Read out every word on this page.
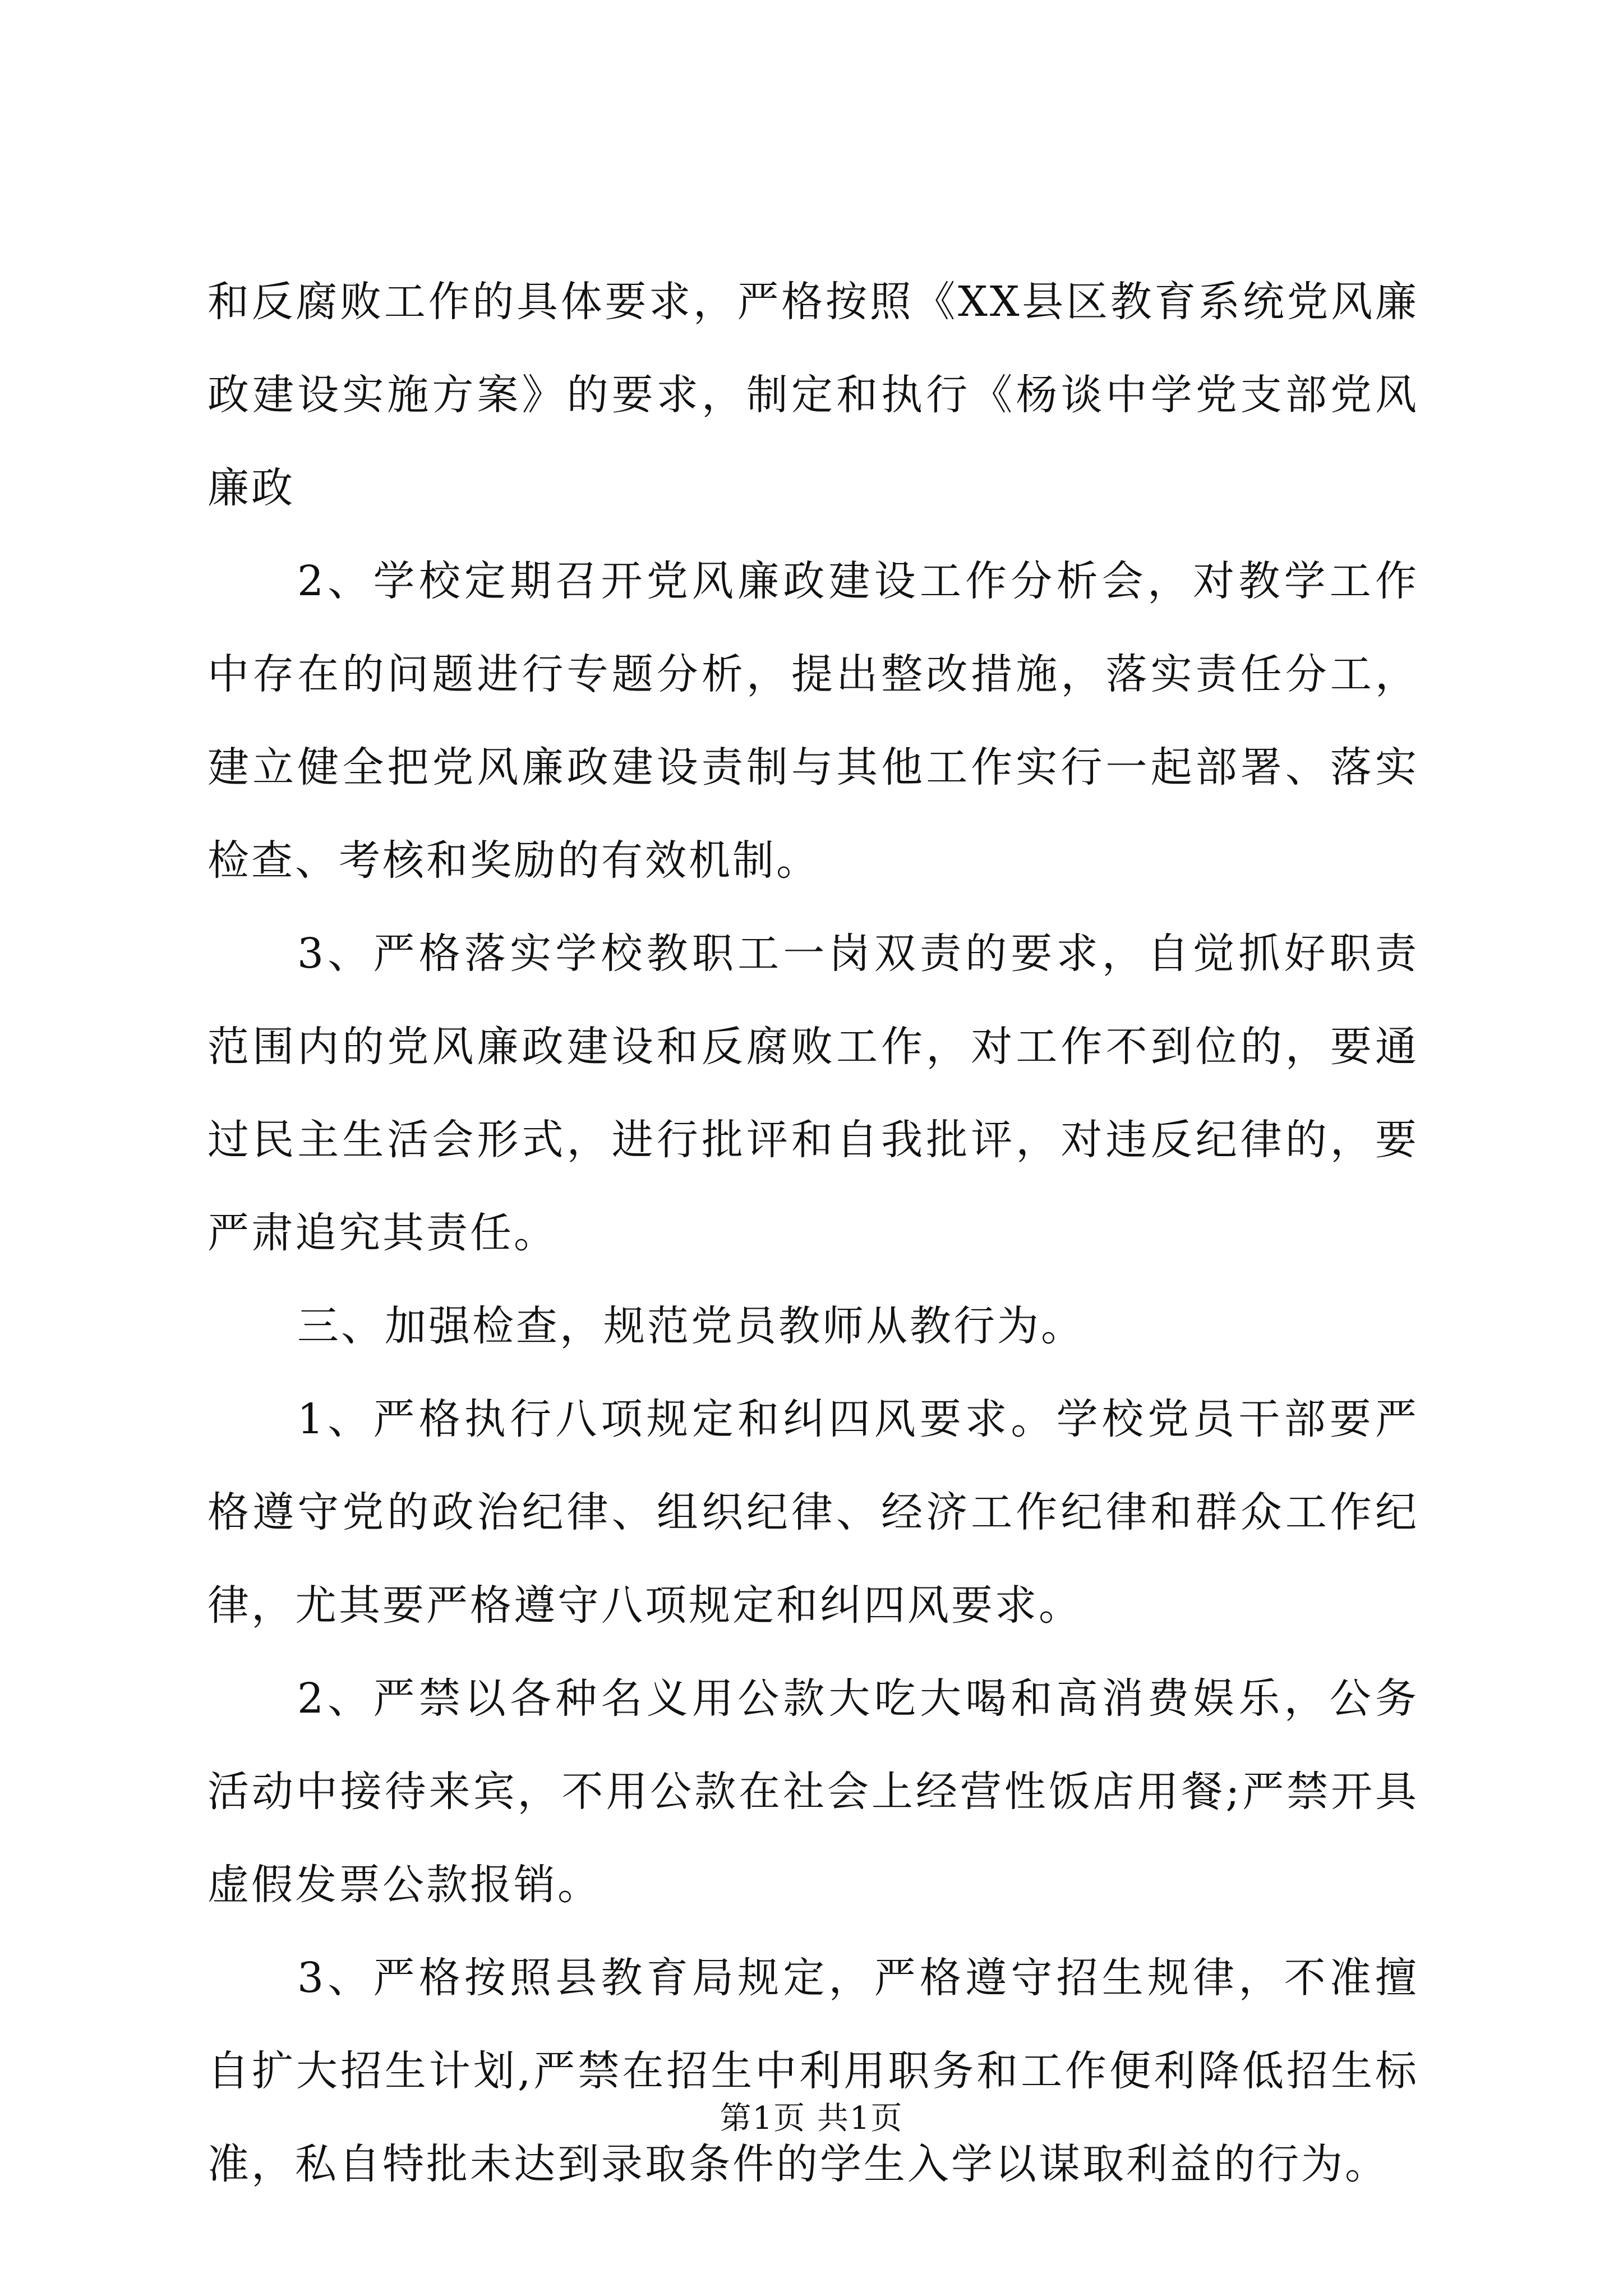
和反腐败工作的具体要求，严格按照《XX县区教育系统党风廉政建设实施方案》的要求，制定和执行《杨谈中学党支部党风廉政

2、学校定期召开党风廉政建设工作分析会，对教学工作中存在的问题进行专题分析，提出整改措施，落实责任分工，建立健全把党风廉政建设责制与其他工作实行一起部署、落实检查、考核和奖励的有效机制。

3、严格落实学校教职工一岗双责的要求，自觉抓好职责范围内的党风廉政建设和反腐败工作，对工作不到位的，要通过民主生活会形式，进行批评和自我批评，对违反纪律的，要严肃追究其责任。

三、加强检查，规范党员教师从教行为。

1、严格执行八项规定和纠四风要求。学校党员干部要严格遵守党的政治纪律、组织纪律、经济工作纪律和群众工作纪律，尤其要严格遵守八项规定和纠四风要求。

2、严禁以各种名义用公款大吃大喝和高消费娱乐，公务活动中接待来宾，不用公款在社会上经营性饭店用餐;严禁开具虚假发票公款报销。

3、严格按照县教育局规定，严格遵守招生规律，不准擅自扩大招生计划,严禁在招生中利用职务和工作便利降低招生标准，私自特批未达到录取条件的学生入学以谋取利益的行为。

第1页 共1页
